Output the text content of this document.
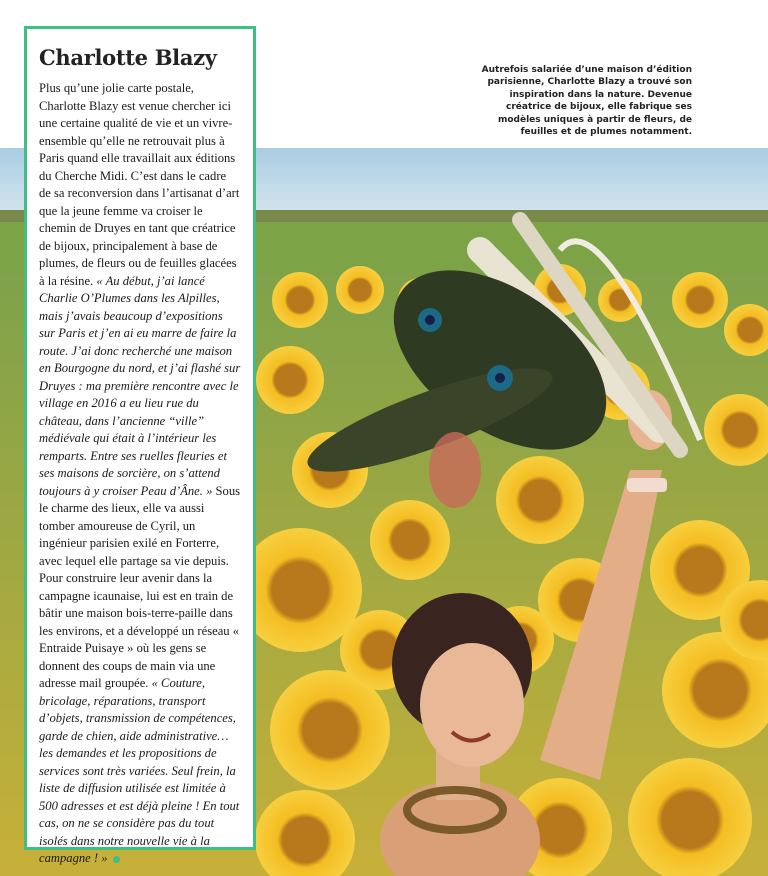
Autrefois salariée d’une maison d’édition parisienne, Charlotte Blazy a trouvé son inspiration dans la nature. Devenue créatrice de bijoux, elle fabrique ses modèles uniques à partir de fleurs, de feuilles et de plumes notamment.
Charlotte Blazy

Plus qu’une jolie carte postale, Charlotte Blazy est venue chercher ici une certaine qualité de vie et un vivre-ensemble qu’elle ne retrouvait plus à Paris quand elle travaillait aux éditions du Cherche Midi. C’est dans le cadre de sa reconversion dans l’artisanat d’art que la jeune femme va croiser le chemin de Druyes en tant que créatrice de bijoux, principalement à base de plumes, de fleurs ou de feuilles glacées à la résine. « Au début, j’ai lancé Charlie O’Plumes dans les Alpilles, mais j’avais beaucoup d’expositions sur Paris et j’en ai eu marre de faire la route. J’ai donc recherché une maison en Bourgogne du nord, et j’ai flashé sur Druyes : ma première rencontre avec le village en 2016 a eu lieu rue du château, dans l’ancienne “ville” médiévale qui était à l’intérieur les remparts. Entre ses ruelles fleuries et ses maisons de sorcière, on s’attend toujours à y croiser Peau d’Âne. » Sous le charme des lieux, elle va aussi tomber amoureuse de Cyril, un ingénieur parisien exilé en Forterre, avec lequel elle partage sa vie depuis. Pour construire leur avenir dans la campagne icaunaise, lui est en train de bâtir une maison bois-terre-paille dans les environs, et a développé un réseau « Entraide Puisaye » où les gens se donnent des coups de main via une adresse mail groupée. « Couture, bricolage, réparations, transport d’objets, transmission de compétences, garde de chien, aide administrative… les demandes et les propositions de services sont très variées. Seul frein, la liste de diffusion utilisée est limitée à 500 adresses et est déjà pleine ! En tout cas, on ne se considère pas du tout isolés dans notre nouvelle vie à la campagne ! »
